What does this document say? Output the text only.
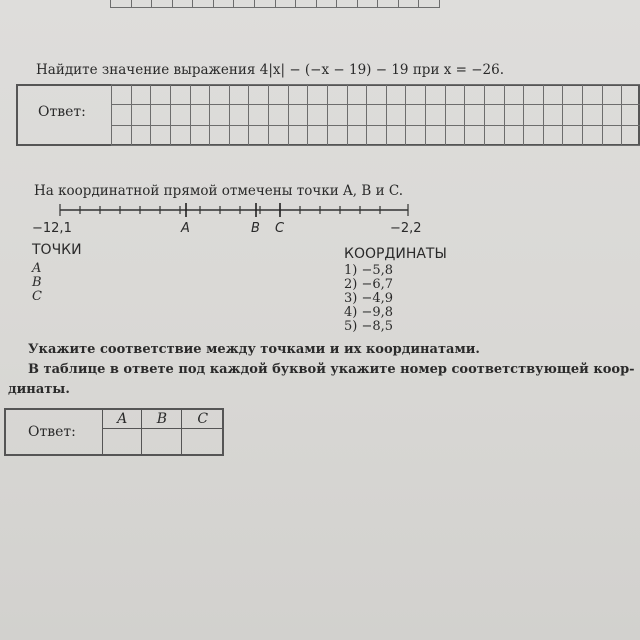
Найдите значение выражения 4|x| − (−x − 19) − 19 при x = −26.
Ответ:

На координатной прямой отмечены точки A, B и C.
−12,1	−2,2
A	B C
ТОЧКИ
A
B
C
КООРДИНАТЫ
1) −5,8
2) −6,7
3) −4,9
4) −9,8
5) −8,5
Укажите соответствие между точками и их координатами.
В таблице в ответе под каждой буквой укажите номер соответствующей коор-
динаты.
Ответ:
A	B	C
